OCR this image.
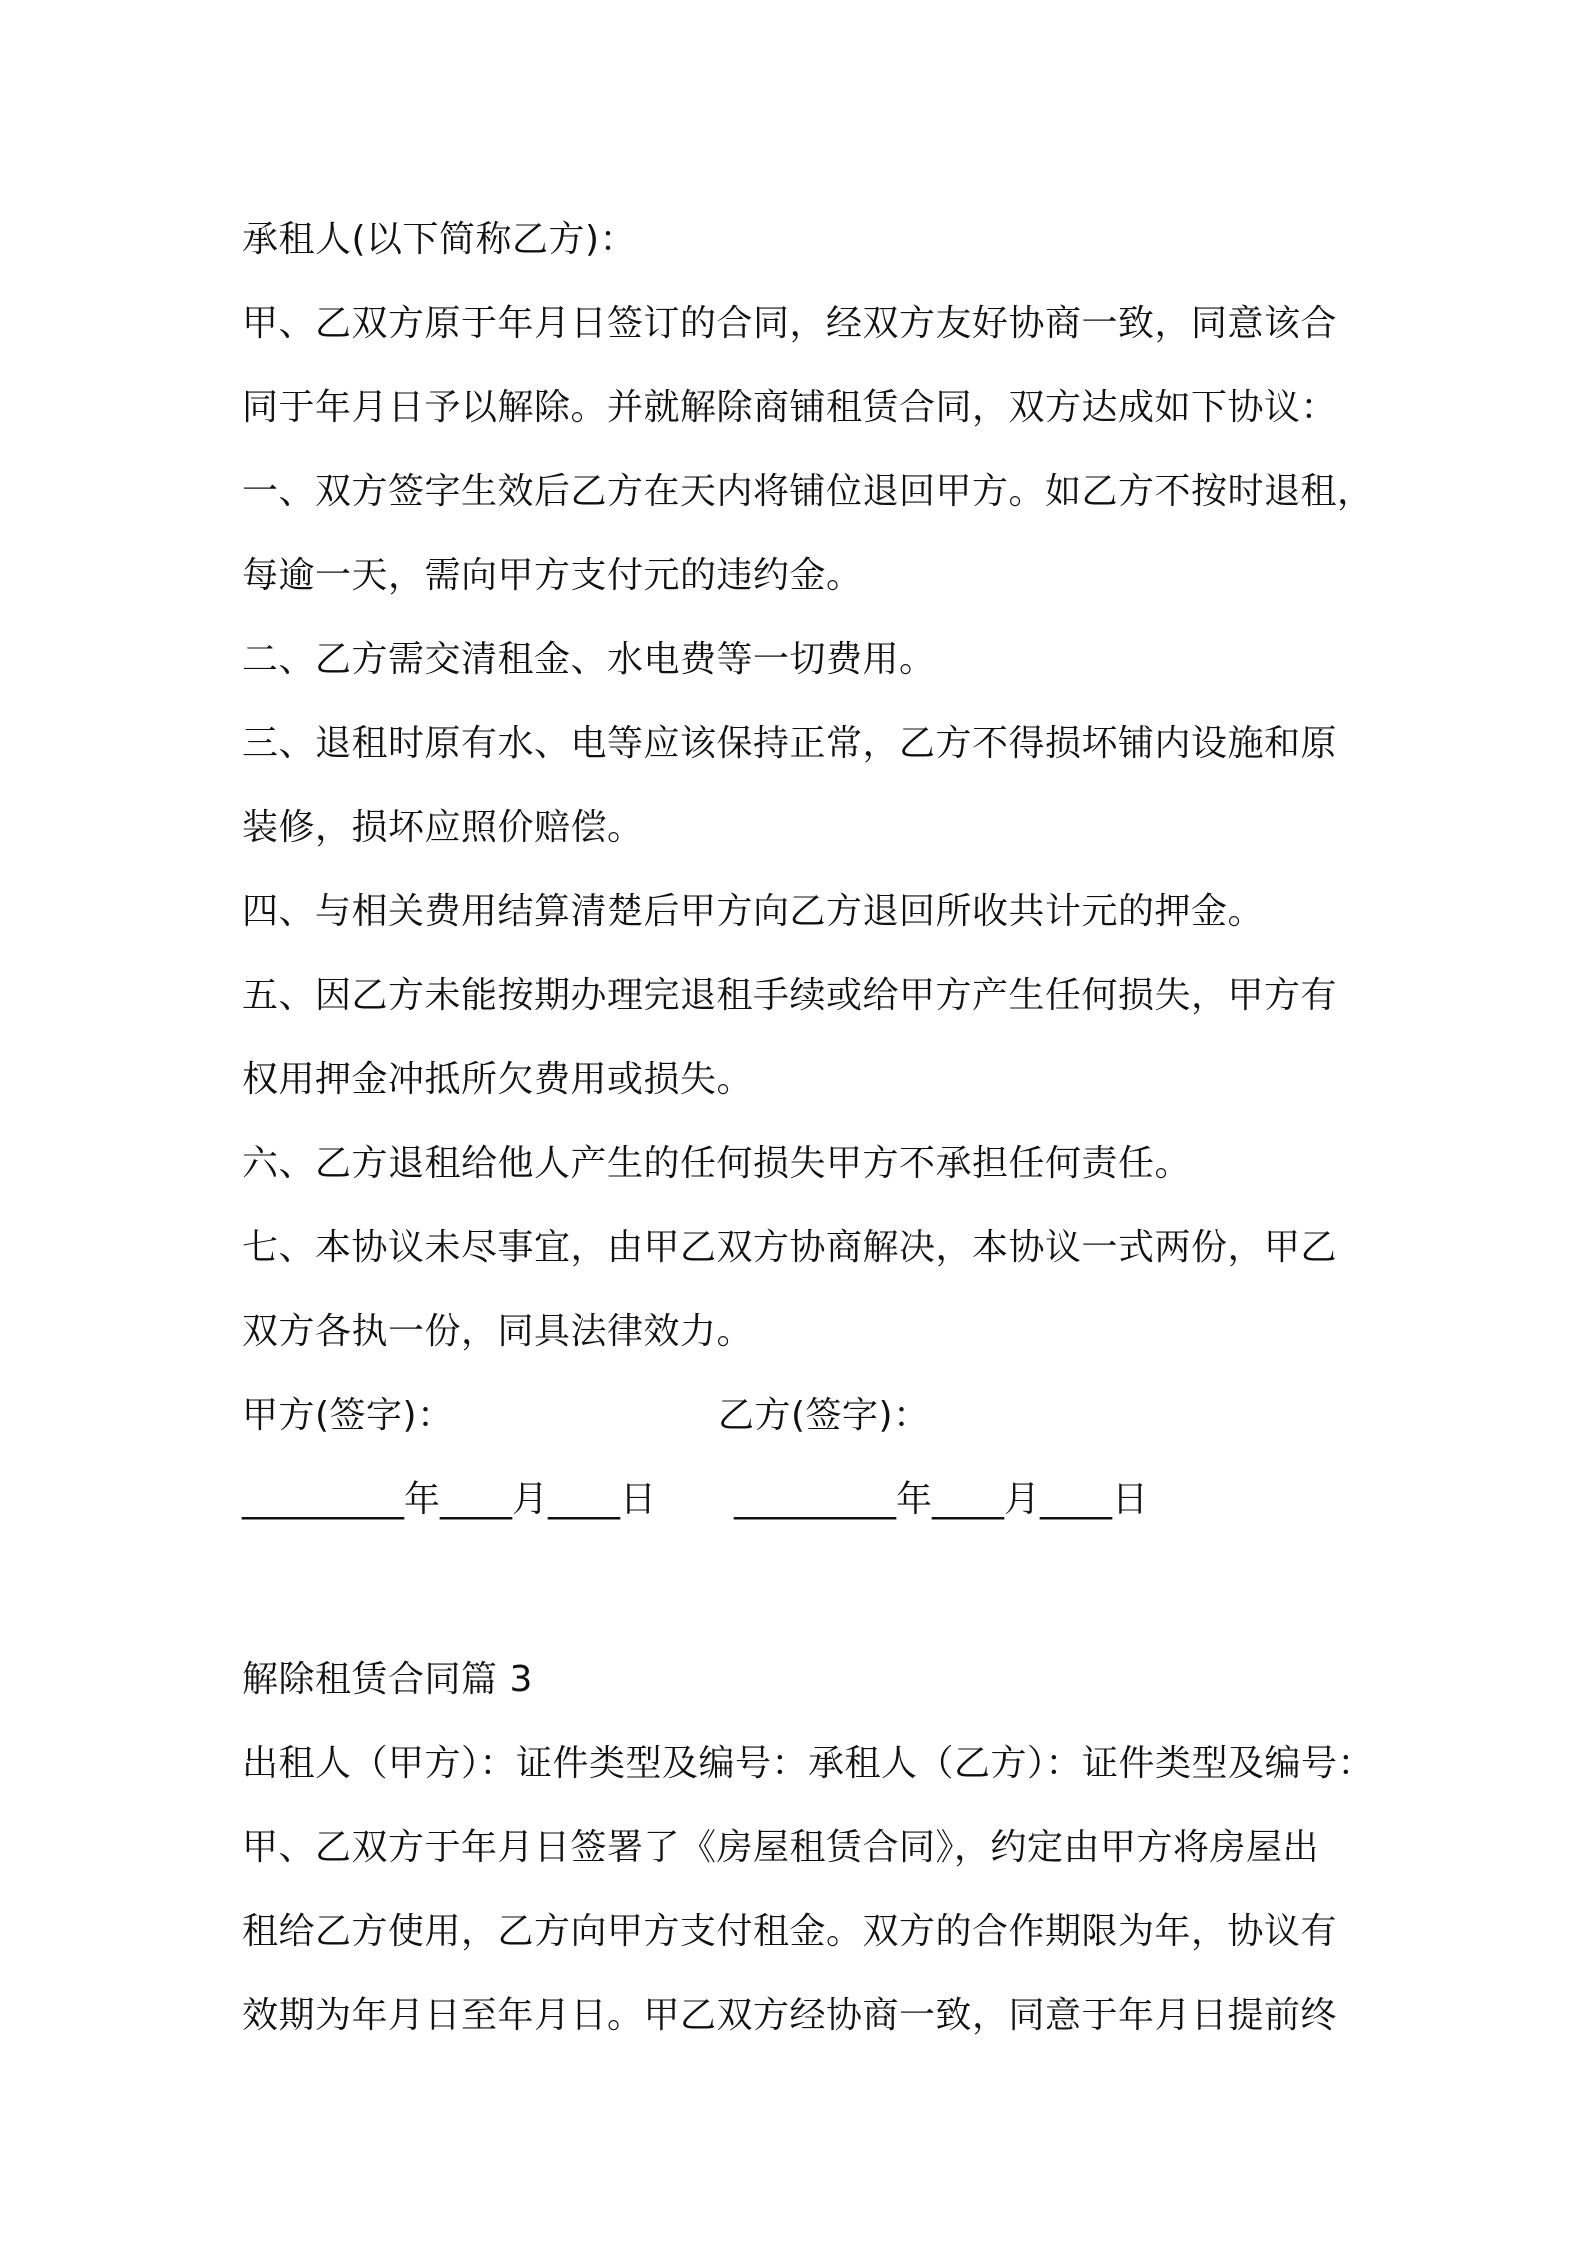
承租人(以下简称乙方)：
甲、乙双方原于年月日签订的合同，经双方友好协商一致，同意该合
同于年月日予以解除。并就解除商铺租赁合同，双方达成如下协议：
一、双方签字生效后乙方在天内将铺位退回甲方。如乙方不按时退租，
每逾一天，需向甲方支付元的违约金。
二、乙方需交清租金、水电费等一切费用。
三、退租时原有水、电等应该保持正常，乙方不得损坏铺内设施和原
装修，损坏应照价赔偿。
四、与相关费用结算清楚后甲方向乙方退回所收共计元的押金。
五、因乙方未能按期办理完退租手续或给甲方产生任何损失，甲方有
权用押金冲抵所欠费用或损失。
六、乙方退租给他人产生的任何损失甲方不承担任何责任。
七、本协议未尽事宜，由甲乙双方协商解决，本协议一式两份，甲乙
双方各执一份，同具法律效力。
甲方(签字)：	乙方(签字)：
_________年____月____日	_________年____月____日
解除租赁合同篇 3
出租人（甲方）：证件类型及编号：承租人（乙方）：证件类型及编号：
甲、乙双方于年月日签署了《房屋租赁合同》，约定由甲方将房屋出
租给乙方使用，乙方向甲方支付租金。双方的合作期限为年，协议有
效期为年月日至年月日。甲乙双方经协商一致，同意于年月日提前终
